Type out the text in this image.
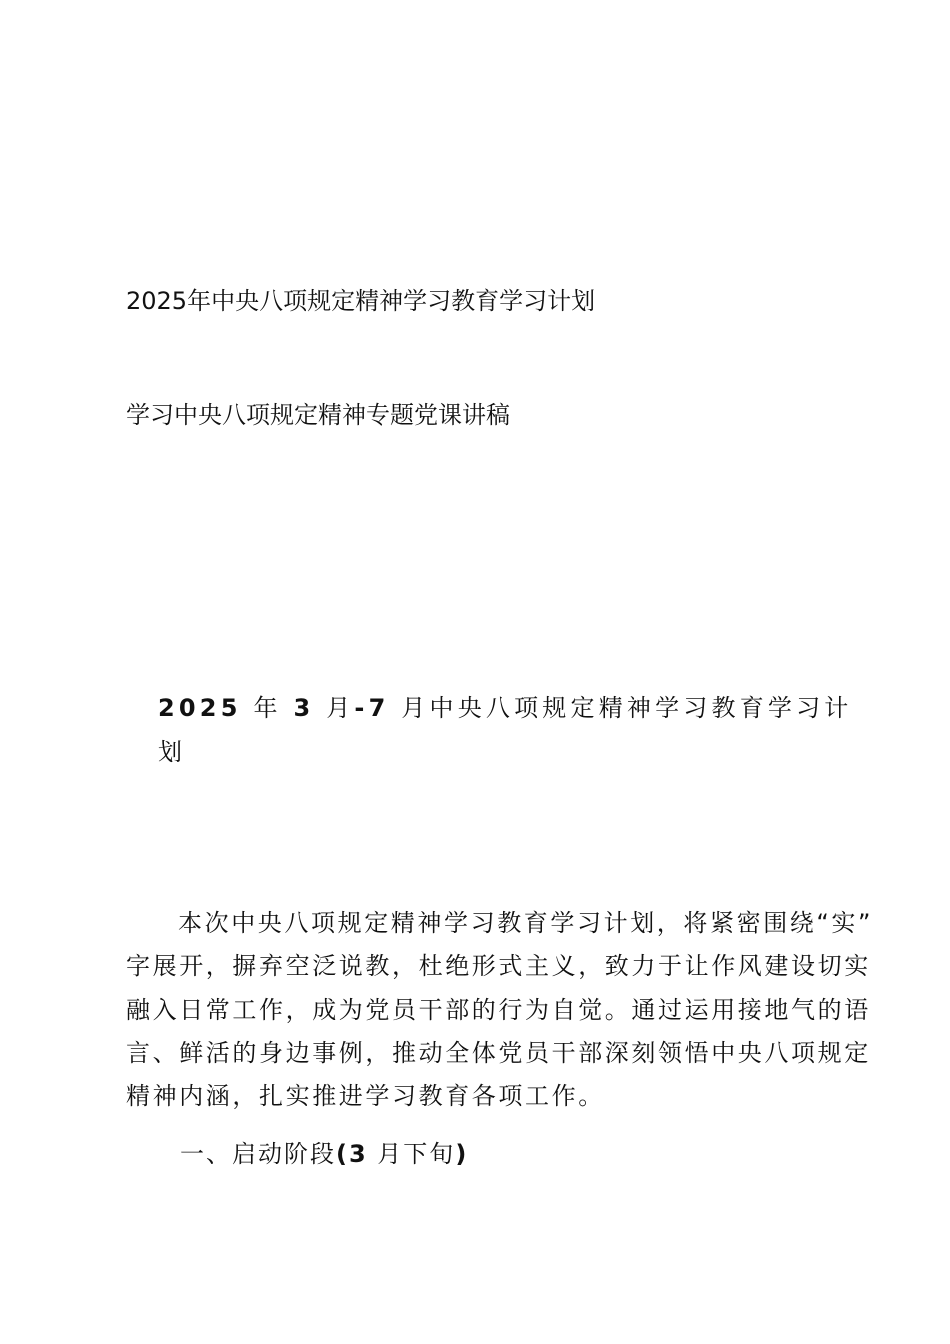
2025年中央八项规定精神学习教育学习计划
学习中央八项规定精神专题党课讲稿
2025 年 3 月-7 月中央八项规定精神学习教育学习计
划
本次中央八项规定精神学习教育学习计划，将紧密围绕“实”
字展开，摒弃空泛说教，杜绝形式主义，致力于让作风建设切实
融入日常工作，成为党员干部的行为自觉。通过运用接地气的语
言、鲜活的身边事例，推动全体党员干部深刻领悟中央八项规定
精神内涵，扎实推进学习教育各项工作。
一、启动阶段(3 月下旬)
